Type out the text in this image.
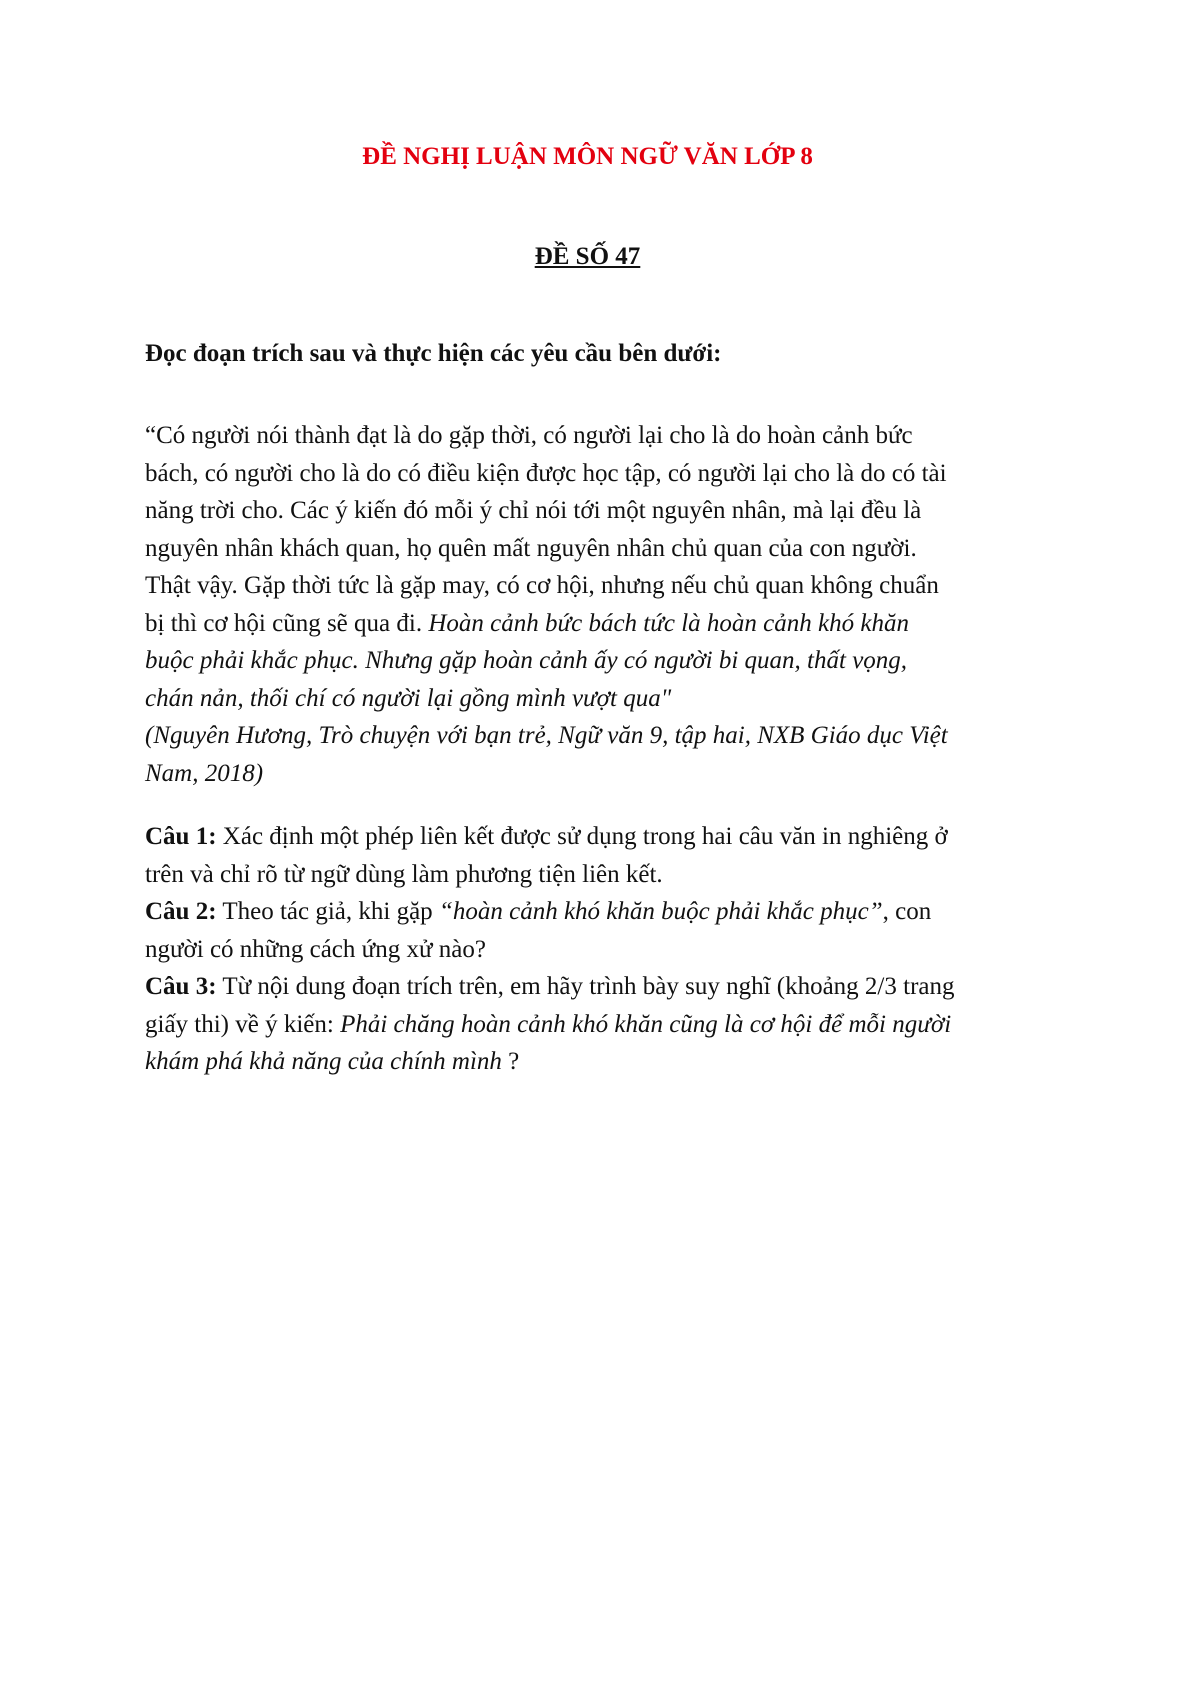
ĐỀ NGHỊ LUẬN MÔN NGỮ VĂN LỚP 8
ĐỀ SỐ 47

Đọc đoạn trích sau và thực hiện các yêu cầu bên dưới:

“Có người nói thành đạt là do gặp thời, có người lại cho là do hoàn cảnh bức
bách, có người cho là do có điều kiện được học tập, có người lại cho là do có tài
năng trời cho. Các ý kiến đó mỗi ý chỉ nói tới một nguyên nhân, mà lại đều là
nguyên nhân khách quan, họ quên mất nguyên nhân chủ quan của con người.
Thật vậy. Gặp thời tức là gặp may, có cơ hội, nhưng nếu chủ quan không chuẩn
bị thì cơ hội cũng sẽ qua đi. Hoàn cảnh bức bách tức là hoàn cảnh khó khăn
buộc phải khắc phục. Nhưng gặp hoàn cảnh ấy có người bi quan, thất vọng,
chán nản, thối chí có người lại gồng mình vượt qua"
(Nguyên Hương, Trò chuyện với bạn trẻ, Ngữ văn 9, tập hai, NXB Giáo dục Việt
Nam, 2018)
Câu 1: Xác định một phép liên kết được sử dụng trong hai câu văn in nghiêng ở
trên và chỉ rõ từ ngữ dùng làm phương tiện liên kết.
Câu 2: Theo tác giả, khi gặp “hoàn cảnh khó khăn buộc phải khắc phục”, con
người có những cách ứng xử nào?
Câu 3: Từ nội dung đoạn trích trên, em hãy trình bày suy nghĩ (khoảng 2/3 trang
giấy thi) về ý kiến: Phải chăng hoàn cảnh khó khăn cũng là cơ hội để mỗi người
khám phá khả năng của chính mình ?
